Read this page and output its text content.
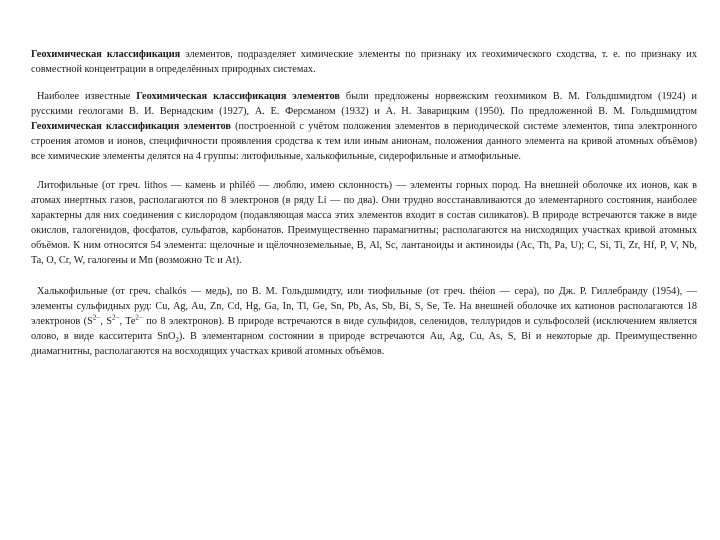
Геохимическая классификация элементов, подразделяет химические элементы по признаку их геохимического сходства, т. е. по признаку их совместной концентрации в определённых природных системах.

Наиболее известные Геохимическая классификация элементов были предложены норвежским геохимиком В. М. Гольдшмидтом (1924) и русскими геологами В. И. Вернадским (1927), А. Е. Ферсманом (1932) и А. Н. Заварицким (1950). По предложенной В. М. Гольдшмидтом Геохимическая классификация элементов (построенной с учётом положения элементов в периодической системе элементов, типа электронного строения атомов и ионов, специфичности проявления сродства к тем или иным анионам, положения данного элемента на кривой атомных объёмов) все химические элементы делятся на 4 группы: литофильные, халькофильные, сидерофильные и атмофильные.

Литофильные (от греч. lithos — камень и philéō — люблю, имею склонность) — элементы горных пород. На внешней оболочке их ионов, как в атомах инертных газов, располагаются по 8 электронов (в ряду Li — по два). Они трудно восстанавливаются до элементарного состояния, наиболее характерны для них соединения с кислородом (подавляющая масса этих элементов входит в состав силикатов). В природе встречаются также в виде окислов, галогенидов, фосфатов, сульфатов, карбонатов. Преимущественно парамагнитны; располагаются на нисходящих участках кривой атомных объёмов. К ним относятся 54 элемента: щелочные и щёлочноземельные, В, Al, Sc, лантаноиды и актиноиды (Ac, Th, Pa, U); С, Si, Ti, Zr, Hf, P, V, Nb, Ta, O, Cr, W, галогены и Mn (возможно Tc и At).

Халькофильные (от греч. chalkós — медь), по В. М. Гольдшмидту, или тиофильные (от греч. théion — сера), по Дж. Р. Гиллебранду (1954), — элементы сульфидных руд: Cu, Ag, Au, Zn, Cd, Hg, Ga, In, Tl, Ge, Sn, Pb, As, Sb, Bi, S, Se, Te. На внешней оболочке их катионов располагаются 18 электронов ($S^{2-}$, $S^{2-}$, $Te^{2-}$ по 8 электронов). В природе встречаются в виде сульфидов, селенидов, теллуридов и сульфосолей (исключением является олово, в виде касситерита SnO$_2$). В элементарном состоянии в природе встречаются Au, Ag, Cu, As, S, Bi и некоторые др. Преимущественно диамагнитны, располагаются на восходящих участках кривой атомных объёмов.
